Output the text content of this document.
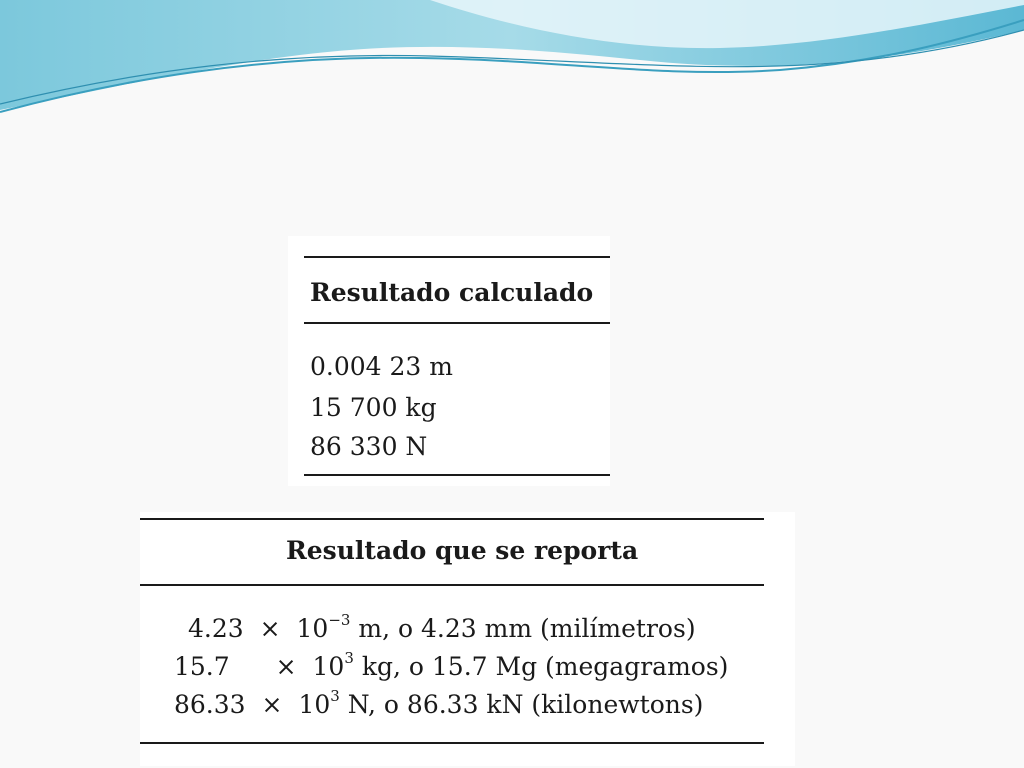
Resultado calculado
0.004 23 m
15 700 kg
86 330 N
Resultado que se reporta
$4.23 \times 10^{-3}$ m, o 4.23 mm (milímetros)
$15.7 \times 10^3$ kg, o 15.7 Mg (megagramos)
$86.33 \times 10^3$ N, o 86.33 kN (kilonewtons)
